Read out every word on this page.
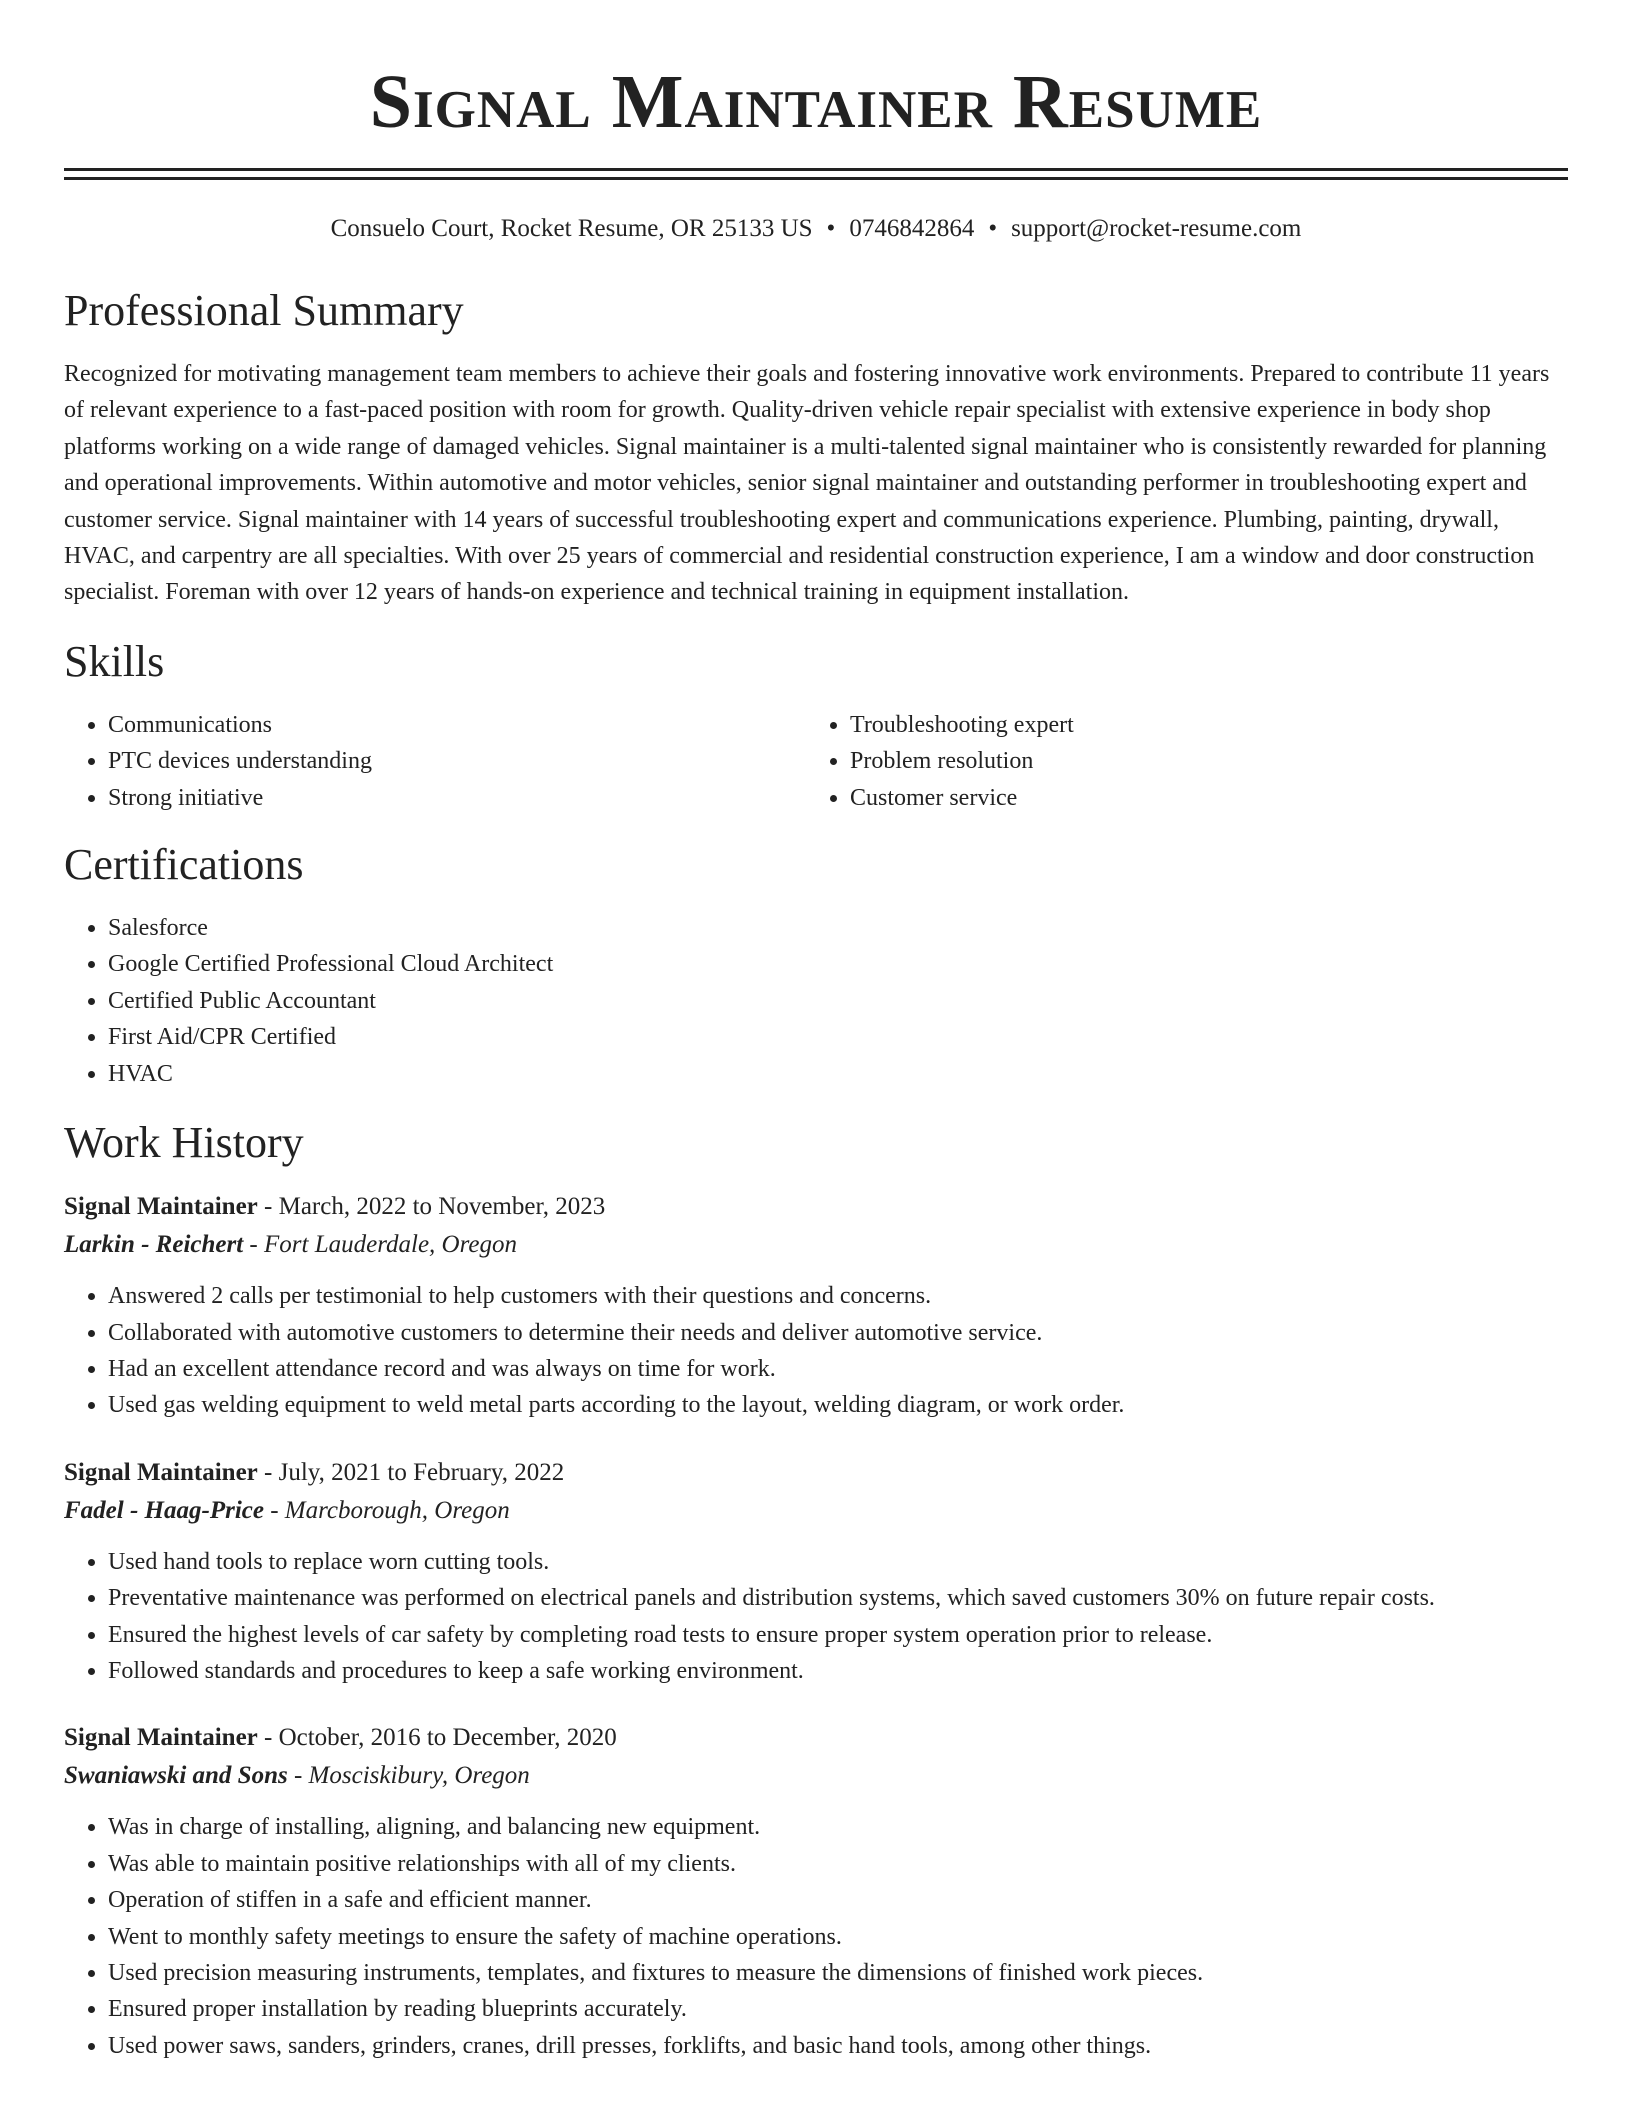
Signal Maintainer Resume
Consuelo Court, Rocket Resume, OR 25133 US • 0746842864 • support@rocket-resume.com
Professional Summary

Recognized for motivating management team members to achieve their goals and fostering innovative work environments. Prepared to contribute 11 years of relevant experience to a fast-paced position with room for growth. Quality-driven vehicle repair specialist with extensive experience in body shop platforms working on a wide range of damaged vehicles. Signal maintainer is a multi-talented signal maintainer who is consistently rewarded for planning and operational improvements. Within automotive and motor vehicles, senior signal maintainer and outstanding performer in troubleshooting expert and customer service. Signal maintainer with 14 years of successful troubleshooting expert and communications experience. Plumbing, painting, drywall, HVAC, and carpentry are all specialties. With over 25 years of commercial and residential construction experience, I am a window and door construction specialist. Foreman with over 12 years of hands-on experience and technical training in equipment installation.

Skills
• Communications
• PTC devices understanding
• Strong initiative
• Troubleshooting expert
• Problem resolution
• Customer service
Certifications
• Salesforce
• Google Certified Professional Cloud Architect
• Certified Public Accountant
• First Aid/CPR Certified
• HVAC
Work History
Signal Maintainer - March, 2022 to November, 2023
Larkin - Reichert - Fort Lauderdale, Oregon
• Answered 2 calls per testimonial to help customers with their questions and concerns.
• Collaborated with automotive customers to determine their needs and deliver automotive service.
• Had an excellent attendance record and was always on time for work.
• Used gas welding equipment to weld metal parts according to the layout, welding diagram, or work order.
Signal Maintainer - July, 2021 to February, 2022
Fadel - Haag-Price - Marcborough, Oregon
• Used hand tools to replace worn cutting tools.
• Preventative maintenance was performed on electrical panels and distribution systems, which saved customers 30% on future repair costs.
• Ensured the highest levels of car safety by completing road tests to ensure proper system operation prior to release.
• Followed standards and procedures to keep a safe working environment.
Signal Maintainer - October, 2016 to December, 2020
Swaniawski and Sons - Mosciskibury, Oregon
• Was in charge of installing, aligning, and balancing new equipment.
• Was able to maintain positive relationships with all of my clients.
• Operation of stiffen in a safe and efficient manner.
• Went to monthly safety meetings to ensure the safety of machine operations.
• Used precision measuring instruments, templates, and fixtures to measure the dimensions of finished work pieces.
• Ensured proper installation by reading blueprints accurately.
• Used power saws, sanders, grinders, cranes, drill presses, forklifts, and basic hand tools, among other things.
